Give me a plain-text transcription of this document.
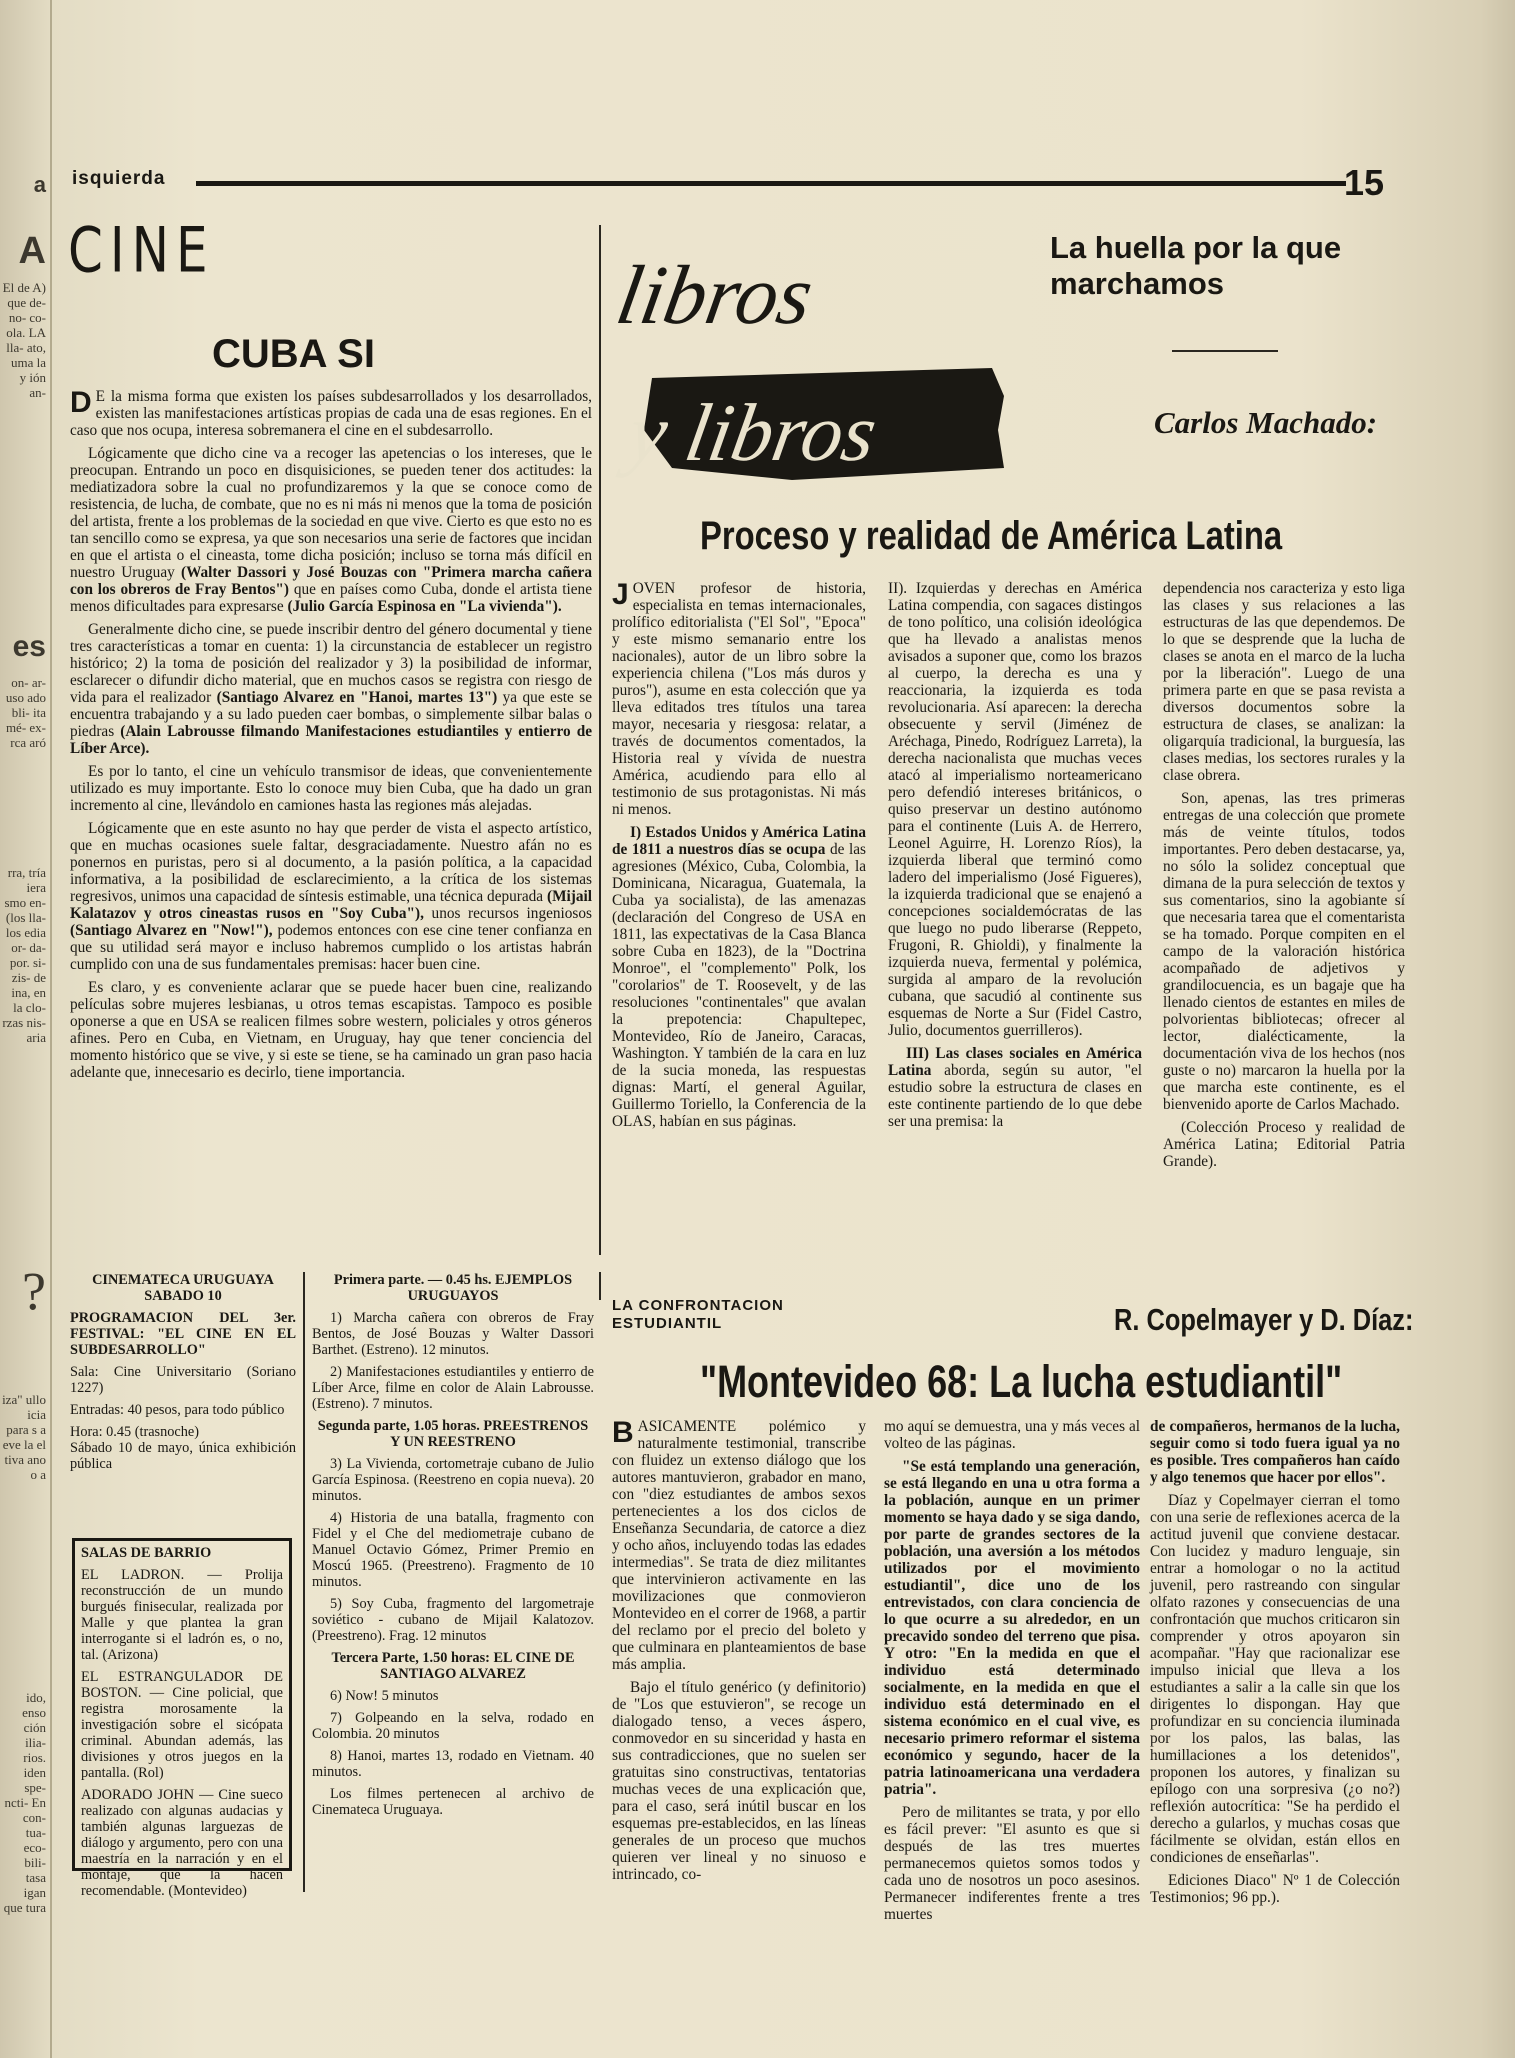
a
A
El de A) que de- no- co- ola. LA lla- ato, uma la y ión an-
es
on- ar- uso ado bli- ita mé- ex- rca aró
rra, tría iera smo en- (los lla- los edia or- da- por. si- zis- de ina, en la clo- rzas nis- aria
?
iza" ullo icia para s a eve la el tiva ano o a
ido, enso ción ilia- rios. iden spe- ncti- En con- tua- eco- bili- tasa igan que tura
isquierda	15
CINE
CUBA SI

D E la misma forma que existen los países subdesarrollados y los desarrollados, existen las manifestaciones artísticas propias de cada una de esas regiones. En el caso que nos ocupa, interesa sobremanera el cine en el subdesarrollo.

Lógicamente que dicho cine va a recoger las apetencias o los intereses, que le preocupan. Entrando un poco en disquisiciones, se pueden tener dos actitudes: la mediatizadora sobre la cual no profundizaremos y la que se conoce como de resistencia, de lucha, de combate, que no es ni más ni menos que la toma de posición del artista, frente a los problemas de la sociedad en que vive. Cierto es que esto no es tan sencillo como se expresa, ya que son necesarios una serie de factores que incidan en que el artista o el cineasta, tome dicha posición; incluso se torna más difícil en nuestro Uruguay (Walter Dassori y José Bouzas con "Primera marcha cañera con los obreros de Fray Bentos") que en países como Cuba, donde el artista tiene menos dificultades para expresarse (Julio García Espinosa en "La vivienda").

Generalmente dicho cine, se puede inscribir dentro del género documental y tiene tres características a tomar en cuenta: 1) la circunstancia de establecer un registro histórico; 2) la toma de posición del realizador y 3) la posibilidad de informar, esclarecer o difundir dicho material, que en muchos casos se registra con riesgo de vida para el realizador (Santiago Alvarez en "Hanoi, martes 13") ya que este se encuentra trabajando y a su lado pueden caer bombas, o simplemente silbar balas o piedras (Alain Labrousse filmando Manifestaciones estudiantiles y entierro de Líber Arce).

Es por lo tanto, el cine un vehículo transmisor de ideas, que convenientemente utilizado es muy importante. Esto lo conoce muy bien Cuba, que ha dado un gran incremento al cine, llevándolo en camiones hasta las regiones más alejadas.

Lógicamente que en este asunto no hay que perder de vista el aspecto artístico, que en muchas ocasiones suele faltar, desgraciadamente. Nuestro afán no es ponernos en puristas, pero si al documento, a la pasión política, a la capacidad informativa, a la posibilidad de esclarecimiento, a la crítica de los sistemas regresivos, unimos una capacidad de síntesis estimable, una técnica depurada (Mijail Kalatazov y otros cineastas rusos en "Soy Cuba"), unos recursos ingeniosos (Santiago Alvarez en "Now!"), podemos entonces con ese cine tener confianza en que su utilidad será mayor e incluso habremos cumplido o los artistas habrán cumplido con una de sus fundamentales premisas: hacer buen cine.

Es claro, y es conveniente aclarar que se puede hacer buen cine, realizando películas sobre mujeres lesbianas, u otros temas escapistas. Tampoco es posible oponerse a que en USA se realicen filmes sobre western, policiales y otros géneros afines. Pero en Cuba, en Vietnam, en Uruguay, hay que tener conciencia del momento histórico que se vive, y si este se tiene, se ha caminado un gran paso hacia adelante que, innecesario es decirlo, tiene importancia.

CINEMATECA URUGUAYA SABADO 10

PROGRAMACION DEL 3er. FESTIVAL: "EL CINE EN EL SUBDESARROLLO"

Sala: Cine Universitario (Soriano 1227)

Entradas: 40 pesos, para todo público

Hora: 0.45 (trasnoche)

Sábado 10 de mayo, única exhibición pública

SALAS DE BARRIO

EL LADRON. — Prolija reconstrucción de un mundo burgués finisecular, realizada por Malle y que plantea la gran interrogante si el ladrón es, o no, tal. (Arizona)

EL ESTRANGULADOR DE BOSTON. — Cine policial, que registra morosamente la investigación sobre el sicópata criminal. Abundan además, las divisiones y otros juegos en la pantalla. (Rol)

ADORADO JOHN — Cine sueco realizado con algunas audacias y también algunas larguezas de diálogo y argumento, pero con una maestría en la narración y en el montaje, que la hacen recomendable. (Montevideo)

Primera parte. — 0.45 hs. EJEMPLOS URUGUAYOS

1) Marcha cañera con obreros de Fray Bentos, de José Bouzas y Walter Dassori Barthet. (Estreno). 12 minutos.

2) Manifestaciones estudiantiles y entierro de Líber Arce, filme en color de Alain Labrousse. (Estreno). 7 minutos.

Segunda parte, 1.05 horas. PREESTRENOS Y UN REESTRENO

3) La Vivienda, cortometraje cubano de Julio García Espinosa. (Reestreno en copia nueva). 20 minutos.

4) Historia de una batalla, fragmento con Fidel y el Che del mediometraje cubano de Manuel Octavio Gómez, Primer Premio en Moscú 1965. (Preestreno). Fragmento de 10 minutos.

5) Soy Cuba, fragmento del largometraje soviético - cubano de Mijail Kalatozov. (Preestreno). Frag. 12 minutos

Tercera Parte, 1.50 horas: EL CINE DE SANTIAGO ALVAREZ

6) Now! 5 minutos

7) Golpeando en la selva, rodado en Colombia. 20 minutos

8) Hanoi, martes 13, rodado en Vietnam. 40 minutos.

Los filmes pertenecen al archivo de Cinemateca Uruguaya.

libros
y libros
La huella por la que marchamos
Carlos Machado:
Proceso y realidad de América Latina

JOVEN profesor de historia, especialista en temas internacionales, prolífico editorialista ("El Sol", "Epoca" y este mismo semanario entre los nacionales), autor de un libro sobre la experiencia chilena ("Los más duros y puros"), asume en esta colección que ya lleva editados tres títulos una tarea mayor, necesaria y riesgosa: relatar, a través de documentos comentados, la Historia real y vívida de nuestra América, acudiendo para ello al testimonio de sus protagonistas. Ni más ni menos.

I) Estados Unidos y América Latina de 1811 a nuestros días se ocupa de las agresiones (México, Cuba, Colombia, la Dominicana, Nicaragua, Guatemala, la Cuba ya socialista), de las amenazas (declaración del Congreso de USA en 1811, las expectativas de la Casa Blanca sobre Cuba en 1823), de la "Doctrina Monroe", el "complemento" Polk, los "corolarios" de T. Roosevelt, y de las resoluciones "continentales" que avalan la prepotencia: Chapultepec, Montevideo, Río de Janeiro, Caracas, Washington. Y también de la cara en luz de la sucia moneda, las respuestas dignas: Martí, el general Aguilar, Guillermo Toriello, la Conferencia de la OLAS, habían en sus páginas.

II). Izquierdas y derechas en América Latina compendia, con sagaces distingos de tono político, una colisión ideológica que ha llevado a analistas menos avisados a suponer que, como los brazos al cuerpo, la derecha es una y reaccionaria, la izquierda es toda revolucionaria. Así aparecen: la derecha obsecuente y servil (Jiménez de Aréchaga, Pinedo, Rodríguez Larreta), la derecha nacionalista que muchas veces atacó al imperialismo norteamericano pero defendió intereses británicos, o quiso preservar un destino autónomo para el continente (Luis A. de Herrero, Leonel Aguirre, H. Lorenzo Ríos), la izquierda liberal que terminó como ladero del imperialismo (José Figueres), la izquierda tradicional que se enajenó a concepciones socialdemócratas de las que luego no pudo liberarse (Reppeto, Frugoni, R. Ghioldi), y finalmente la izquierda nueva, fermental y polémica, surgida al amparo de la revolución cubana, que sacudió al continente sus esquemas de Norte a Sur (Fidel Castro, Julio, documentos guerrilleros).

III) Las clases sociales en América Latina aborda, según su autor, "el estudio sobre la estructura de clases en este continente partiendo de lo que debe ser una premisa: la

dependencia nos caracteriza y esto liga las clases y sus relaciones a las estructuras de las que dependemos. De lo que se desprende que la lucha de clases se anota en el marco de la lucha por la liberación". Luego de una primera parte en que se pasa revista a diversos documentos sobre la estructura de clases, se analizan: la oligarquía tradicional, la burguesía, las clases medias, los sectores rurales y la clase obrera.

Son, apenas, las tres primeras entregas de una colección que promete más de veinte títulos, todos importantes. Pero deben destacarse, ya, no sólo la solidez conceptual que dimana de la pura selección de textos y sus comentarios, sino la agobiante sí que necesaria tarea que el comentarista se ha tomado. Porque compiten en el campo de la valoración histórica acompañado de adjetivos y grandilocuencia, es un bagaje que ha llenado cientos de estantes en miles de polvorientas bibliotecas; ofrecer al lector, dialécticamente, la documentación viva de los hechos (nos guste o no) marcaron la huella por la que marcha este continente, es el bienvenido aporte de Carlos Machado.

(Colección Proceso y realidad de América Latina; Editorial Patria Grande).

LA CONFRONTACION ESTUDIANTIL	R. Copelmayer y D. Díaz:
"Montevideo 68: La lucha estudiantil"

BASICAMENTE polémico y naturalmente testimonial, transcribe con fluidez un extenso diálogo que los autores mantuvieron, grabador en mano, con "diez estudiantes de ambos sexos pertenecientes a los dos ciclos de Enseñanza Secundaria, de catorce a diez y ocho años, incluyendo todas las edades intermedias". Se trata de diez militantes que intervinieron activamente en las movilizaciones que conmovieron Montevideo en el correr de 1968, a partir del reclamo por el precio del boleto y que culminara en planteamientos de base más amplia.

Bajo el título genérico (y definitorio) de "Los que estuvieron", se recoge un dialogado tenso, a veces áspero, conmovedor en su sinceridad y hasta en sus contradicciones, que no suelen ser gratuitas sino constructivas, tentatorias muchas veces de una explicación que, para el caso, será inútil buscar en los esquemas pre-establecidos, en las líneas generales de un proceso que muchos quieren ver lineal y no sinuoso e intrincado, co-

mo aquí se demuestra, una y más veces al volteo de las páginas.

"Se está templando una generación, se está llegando en una u otra forma a la población, aunque en un primer momento se haya dado y se siga dando, por parte de grandes sectores de la población, una aversión a los métodos utilizados por el movimiento estudiantil", dice uno de los entrevistados, con clara conciencia de lo que ocurre a su alrededor, en un precavido sondeo del terreno que pisa. Y otro: "En la medida en que el individuo está determinado socialmente, en la medida en que el individuo está determinado en el sistema económico en el cual vive, es necesario primero reformar el sistema económico y segundo, hacer de la patria latinoamericana una verdadera patria".

Pero de militantes se trata, y por ello es fácil prever: "El asunto es que si después de las tres muertes permanecemos quietos somos todos y cada uno de nosotros un poco asesinos. Permanecer indiferentes frente a tres muertes

de compañeros, hermanos de la lucha, seguir como si todo fuera igual ya no es posible. Tres compañeros han caído y algo tenemos que hacer por ellos".

Díaz y Copelmayer cierran el tomo con una serie de reflexiones acerca de la actitud juvenil que conviene destacar. Con lucidez y maduro lenguaje, sin entrar a homologar o no la actitud juvenil, pero rastreando con singular olfato razones y consecuencias de una confrontación que muchos criticaron sin comprender y otros apoyaron sin acompañar. "Hay que racionalizar ese impulso inicial que lleva a los estudiantes a salir a la calle sin que los dirigentes lo dispongan. Hay que profundizar en su conciencia iluminada por los palos, las balas, las humillaciones a los detenidos", proponen los autores, y finalizan su epílogo con una sorpresiva (¿o no?) reflexión autocrítica: "Se ha perdido el derecho a gularlos, y muchas cosas que fácilmente se olvidan, están ellos en condiciones de enseñarlas".

Ediciones Diaco" Nº 1 de Colección Testimonios; 96 pp.).
